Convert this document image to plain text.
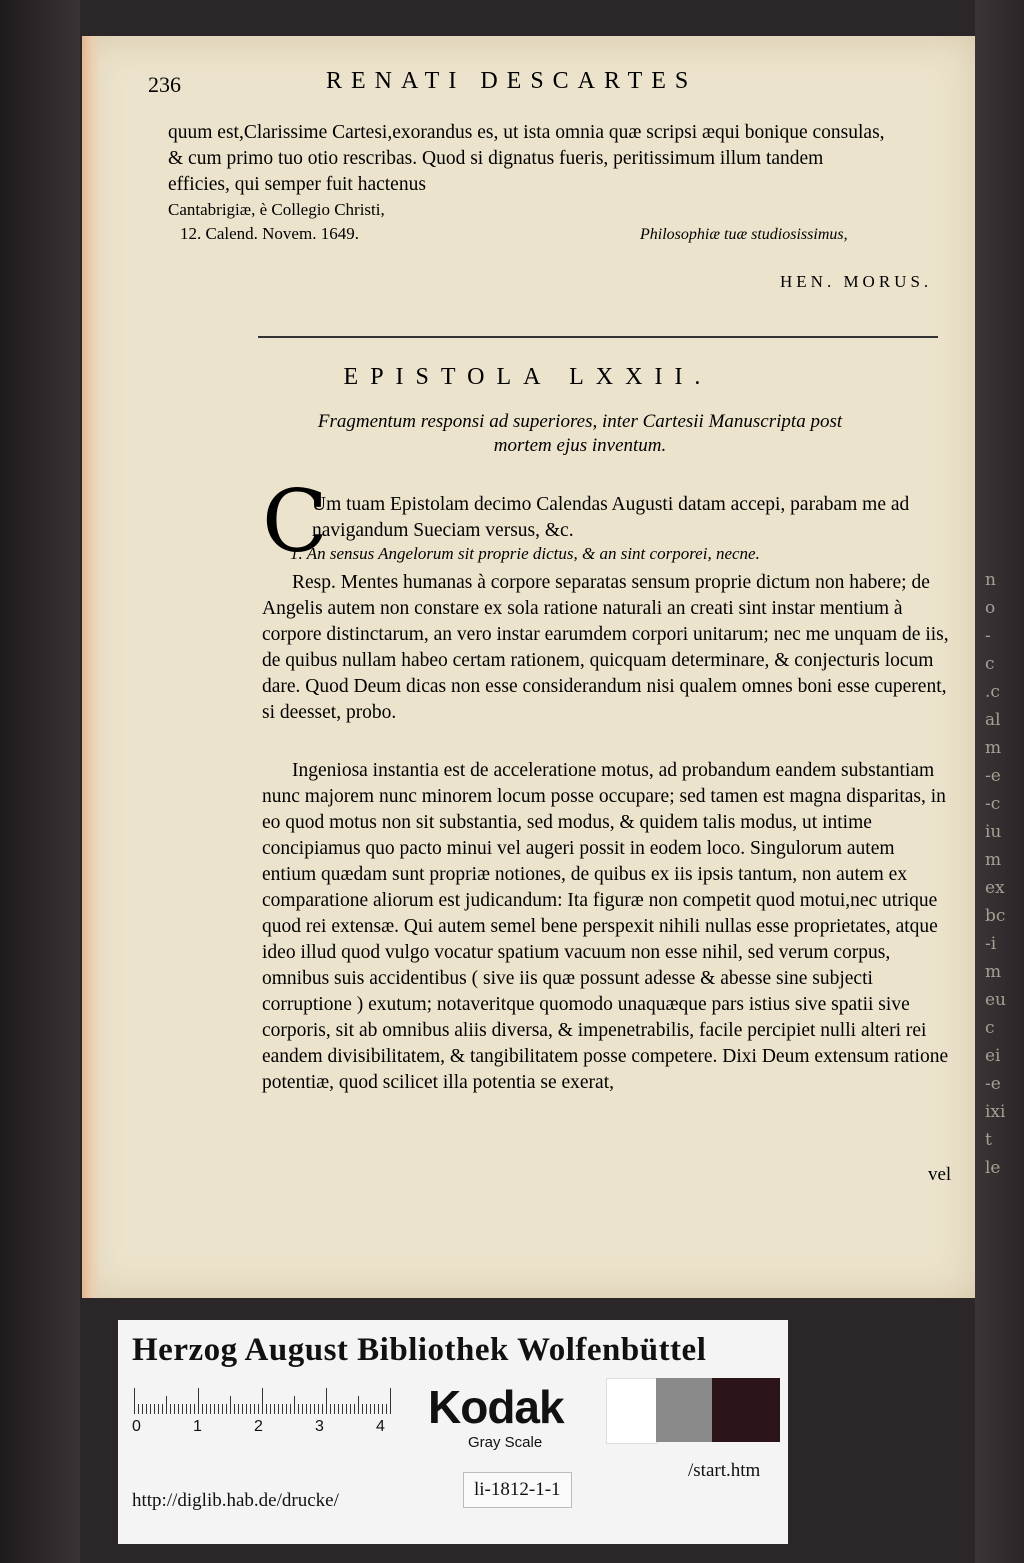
236	RENATI DESCARTES
quum est,Clarissime Cartesi,exorandus es, ut ista omnia quæ scripsi æqui bonique consulas, & cum primo tuo otio rescribas. Quod si dignatus fueris, peritissimum illum tandem efficies, qui semper fuit hactenus
Cantabrigiæ, è Collegio Christi,
12. Calend. Novem. 1649.	Philosophiæ tuæ studiosissimus,
HEN. MORUS.
EPISTOLA LXXII.
Fragmentum responsi ad superiores, inter Cartesii Manuscripta post mortem ejus inventum.
C
Um tuam Epistolam decimo Calendas Augusti datam accepi, parabam me ad navigandum Sueciam versus, &c.
1. An sensus Angelorum sit proprie dictus, & an sint corporei, necne.
Resp. Mentes humanas à corpore separatas sensum proprie dictum non habere; de Angelis autem non constare ex sola ratione naturali an creati sint instar mentium à corpore distinctarum, an vero instar earumdem corpori unitarum; nec me unquam de iis, de quibus nullam habeo certam rationem, quicquam determinare, & conjecturis locum dare. Quod Deum dicas non esse considerandum nisi qualem omnes boni esse cuperent, si deesset, probo.
Ingeniosa instantia est de acceleratione motus, ad probandum eandem substantiam nunc majorem nunc minorem locum posse occupare; sed tamen est magna disparitas, in eo quod motus non sit substantia, sed modus, & quidem talis modus, ut intime concipiamus quo pacto minui vel augeri possit in eodem loco. Singulorum autem entium quædam sunt propriæ notiones, de quibus ex iis ipsis tantum, non autem ex comparatione aliorum est judicandum: Ita figuræ non competit quod motui,nec utrique quod rei extensæ. Qui autem semel bene perspexit nihili nullas esse proprietates, atque ideo illud quod vulgo vocatur spatium vacuum non esse nihil, sed verum corpus, omnibus suis accidentibus ( sive iis quæ possunt adesse & abesse sine subjecti corruptione ) exutum; notaveritque quomodo unaquæque pars istius sive spatii sive corporis, sit ab omnibus aliis diversa, & impenetrabilis, facile percipiet nulli alteri rei eandem divisibilitatem, & tangibilitatem posse competere. Dixi Deum extensum ratione potentiæ, quod scilicet illa potentia se exerat,
vel
n
o
-
c
.c
al
m
-e
-c
iu
m
ex
bc
-i
m
eu
c
ei
-e
ixi
t
le
Herzog August Bibliothek Wolfenbüttel
0	1	2	3	4 Kodak
Gray Scale
http://diglib.hab.de/drucke/
li-1812-1-1
/start.htm
